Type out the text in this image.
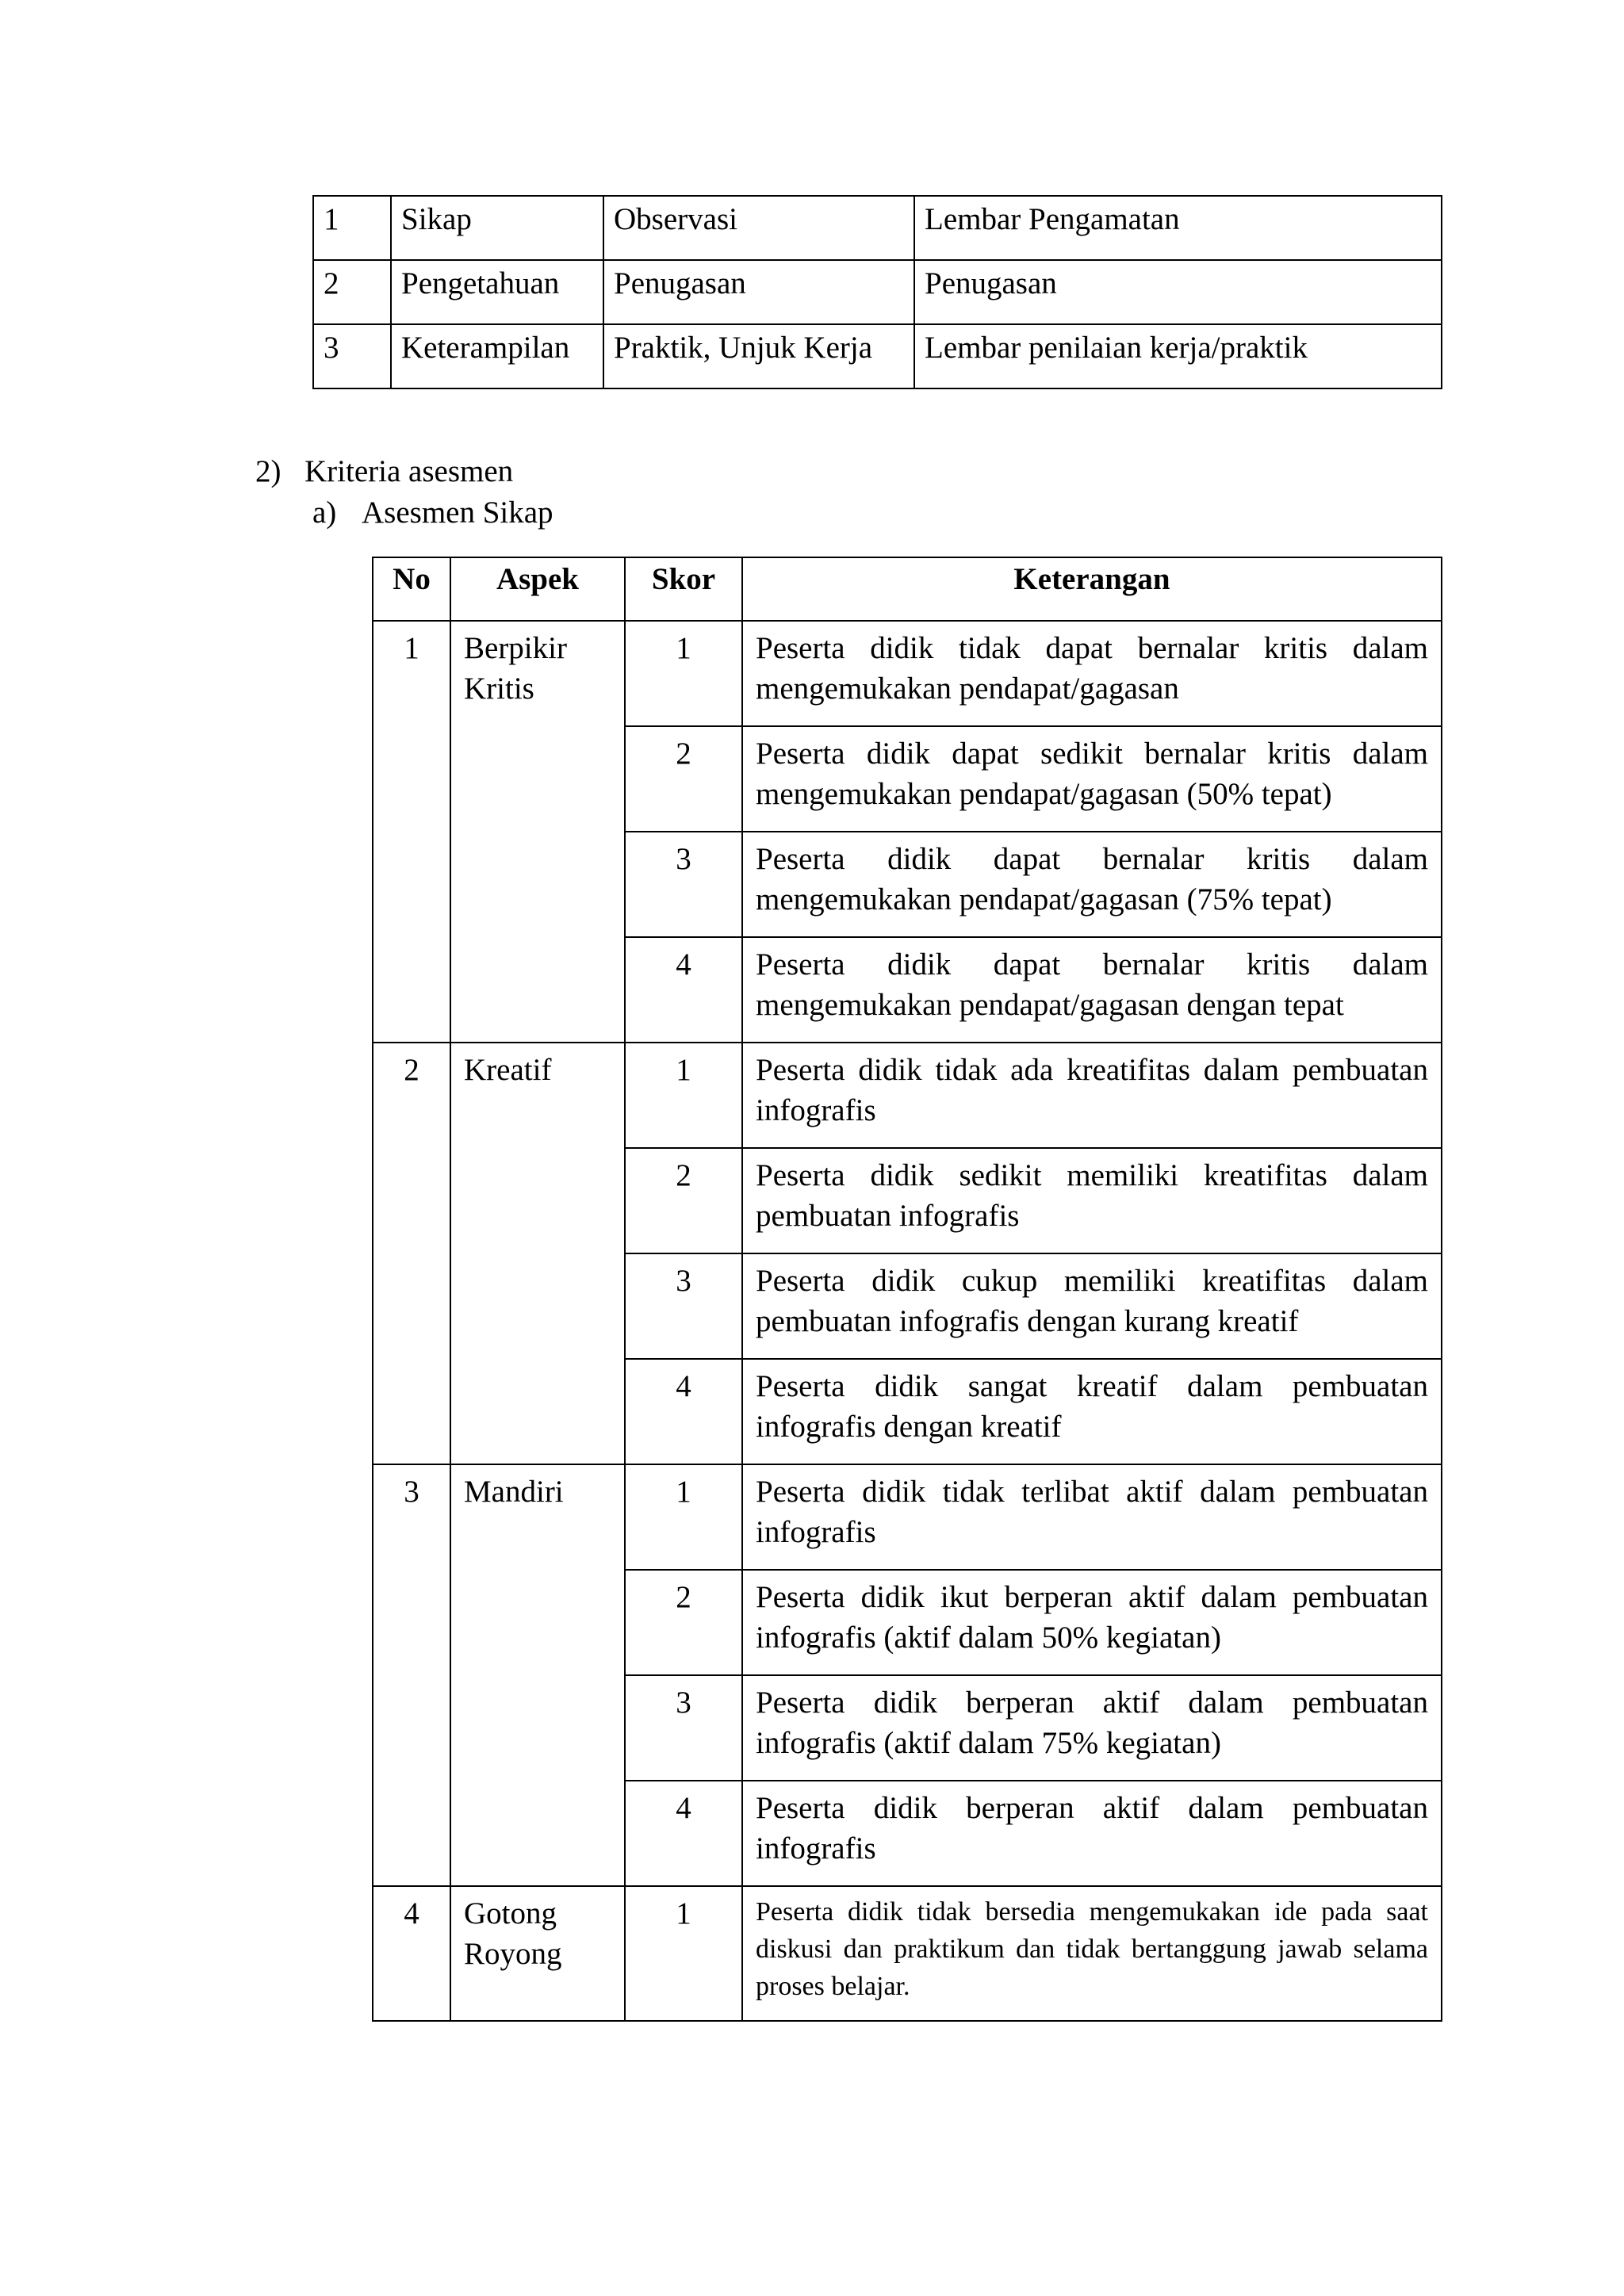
1	Sikap	Observasi	Lembar Pengamatan
2	Pengetahuan	Penugasan	Penugasan
3	Keterampilan	Praktik, Unjuk Kerja	Lembar penilaian kerja/praktik

2) Kriteria asesmen

a) Asesmen Sikap

No	Aspek	Skor	Keterangan
1	Berpikir Kritis	1	Peserta didik tidak dapat bernalar kritis dalam mengemukakan pendapat/gagasan
		2	Peserta didik dapat sedikit bernalar kritis dalam mengemukakan pendapat/gagasan (50% tepat)
		3	Peserta didik dapat bernalar kritis dalam mengemukakan pendapat/gagasan (75% tepat)
		4	Peserta didik dapat bernalar kritis dalam mengemukakan pendapat/gagasan dengan tepat
2	Kreatif	1	Peserta didik tidak ada kreatifitas dalam pembuatan infografis
		2	Peserta didik sedikit memiliki kreatifitas dalam pembuatan infografis
		3	Peserta didik cukup memiliki kreatifitas dalam pembuatan infografis dengan kurang kreatif
		4	Peserta didik sangat kreatif dalam pembuatan infografis dengan kreatif
3	Mandiri	1	Peserta didik tidak terlibat aktif dalam pembuatan infografis
		2	Peserta didik ikut berperan aktif dalam pembuatan infografis (aktif dalam 50% kegiatan)
		3	Peserta didik berperan aktif dalam pembuatan infografis (aktif dalam 75% kegiatan)
		4	Peserta didik berperan aktif dalam pembuatan infografis
4	Gotong Royong	1	Peserta didik tidak bersedia mengemukakan ide pada saat diskusi dan praktikum dan tidak bertanggung jawab selama proses belajar.
